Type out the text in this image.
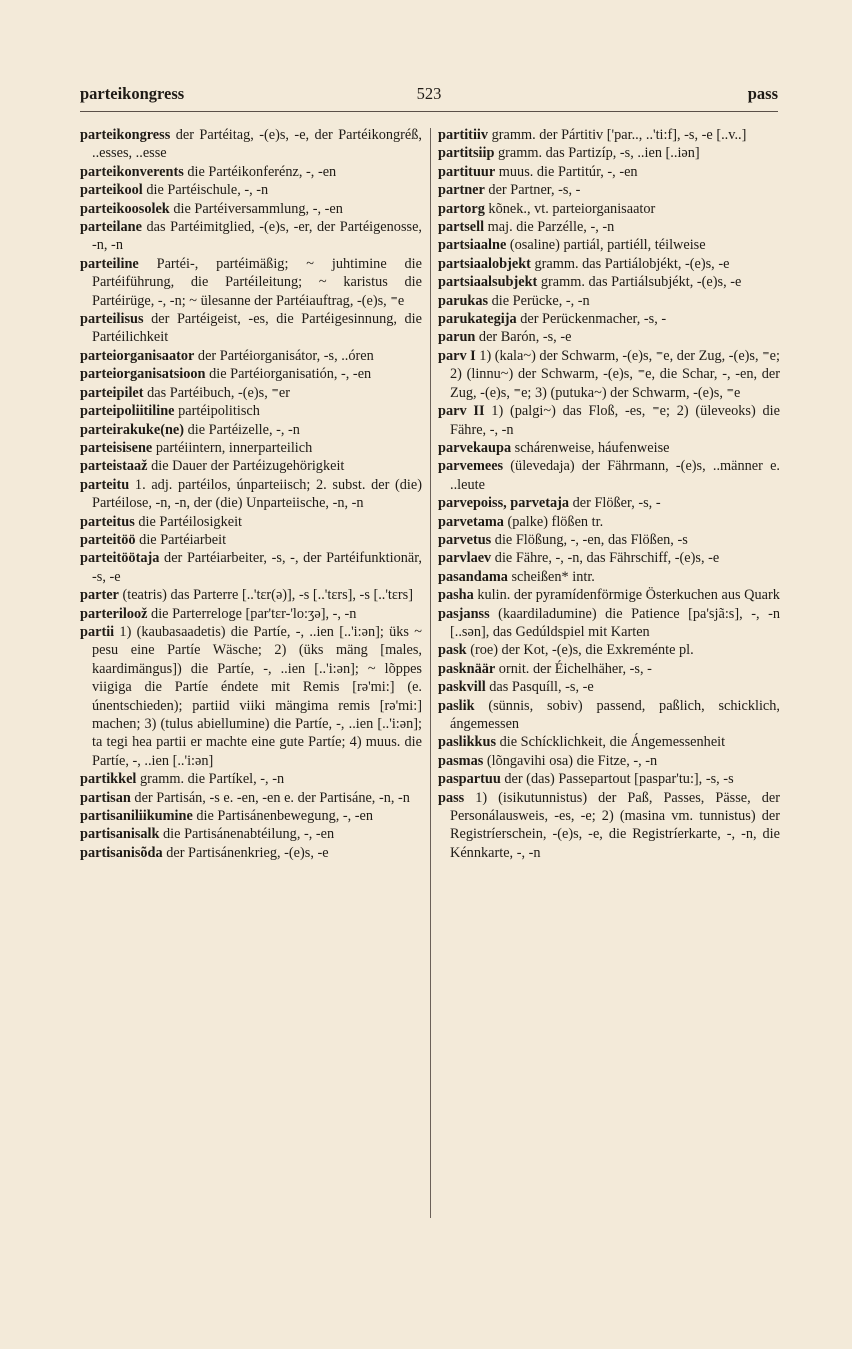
parteikongress	523	pass

parteikongress der Partéitag, -(e)s, -e, der Partéikongréß, ..esses, ..esse

parteikonverents die Partéikonferénz, -, -en

parteikool die Partéischule, -, -n

parteikoosolek die Partéiversammlung, -, -en

parteilane das Partéimitglied, -(e)s, -er, der Partéigenosse, -n, -n

parteiline Partéi-, partéimäßig; ~ juhtimine die Partéiführung, die Partéileitung; ~ karistus die Partéirüge, -, -n; ~ ülesanne der Partéiauftrag, -(e)s, ⁼e

parteilisus der Partéigeist, -es, die Partéigesinnung, die Partéilichkeit

parteiorganisaator der Partéiorganisátor, -s, ..óren

parteiorganisatsioon die Partéiorganisatión, -, -en

parteipilet das Partéibuch, -(e)s, ⁼er

parteipoliitiline partéipolitisch

parteirakuke(ne) die Partéizelle, -, -n

parteisisene partéiintern, innerparteilich

parteistaaž die Dauer der Partéizugehörigkeit

parteitu 1. adj. partéilos, únparteiisch; 2. subst. der (die) Partéilose, -n, -n, der (die) Unparteiische, -n, -n

parteitus die Partéilosigkeit

parteitöö die Partéiarbeit

parteitöötaja der Partéiarbeiter, -s, -, der Partéifunktionär, -s, -e

parter (teatris) das Parterre [..'tɛr(ə)], -s [..'tɛrs], -s [..'tɛrs]

parteriloož die Parterreloge [par'tɛr-'lo:ʒə], -, -n

partii 1) (kaubasaadetis) die Partíe, -, ..ien [..'i:ən]; üks ~ pesu eine Partíe Wäsche; 2) (üks mäng [males, kaardimängus]) die Partíe, -, ..ien [..'i:ən]; ~ lõppes viigiga die Partíe éndete mit Remis [rə'mi:] (e. únentschieden); partiid viiki mängima remis [rə'mi:] machen; 3) (tulus abiellumine) die Partíe, -, ..ien [..'i:ən]; ta tegi hea partii er machte eine gute Partíe; 4) muus. die Partíe, -, ..ien [..'i:ən]

partikkel gramm. die Partíkel, -, -n

partisan der Partisán, -s e. -en, -en e. der Partisáne, -n, -n

partisaniliikumine die Partisánenbewegung, -, -en

partisanisalk die Partisánenabtéilung, -, -en

partisanisõda der Partisánenkrieg, -(e)s, -e

partitiiv gramm. der Pártitiv ['par.., ..'ti:f], -s, -e [..v..]

partitsiip gramm. das Partizíp, -s, ..ien [..iən]

partituur muus. die Partitúr, -, -en

partner der Partner, -s, -

partorg kõnek., vt. parteiorganisaator

partsell maj. die Parzélle, -, -n

partsiaalne (osaline) partiál, partiéll, téilweise

partsiaalobjekt gramm. das Partiálobjékt, -(e)s, -e

partsiaalsubjekt gramm. das Partiálsubjékt, -(e)s, -e

parukas die Perücke, -, -n

parukategija der Perückenmacher, -s, -

parun der Barón, -s, -e

parv I 1) (kala~) der Schwarm, -(e)s, ⁼e, der Zug, -(e)s, ⁼e; 2) (linnu~) der Schwarm, -(e)s, ⁼e, die Schar, -, -en, der Zug, -(e)s, ⁼e; 3) (putuka~) der Schwarm, -(e)s, ⁼e

parv II 1) (palgi~) das Floß, -es, ⁼e; 2) (üleveoks) die Fähre, -, -n

parvekaupa schárenweise, háufenweise

parvemees (ülevedaja) der Fährmann, -(e)s, ..männer e. ..leute

parvepoiss, parvetaja der Flößer, -s, -

parvetama (palke) flößen tr.

parvetus die Flößung, -, -en, das Flößen, -s

parvlaev die Fähre, -, -n, das Fährschiff, -(e)s, -e

pasandama scheißen* intr.

pasha kulin. der pyramídenförmige Österkuchen aus Quark

pasjanss (kaardiladumine) die Patience [pa'sjã:s], -, -n [..sən], das Gedúldspiel mit Karten

pask (roe) der Kot, -(e)s, die Exkreménte pl.

pasknäär ornit. der Éichelhäher, -s, -

paskvill das Pasquíll, -s, -e

paslik (sünnis, sobiv) passend, paßlich, schicklich, ángemessen

paslikkus die Schícklichkeit, die Ángemessenheit

pasmas (lõngavihi osa) die Fitze, -, -n

paspartuu der (das) Passepartout [paspar'tu:], -s, -s

pass 1) (isikutunnistus) der Paß, Passes, Pässe, der Personálausweis, -es, -e; 2) (masina vm. tunnistus) der Registríerschein, -(e)s, -e, die Registríerkarte, -, -n, die Kénnkarte, -, -n
